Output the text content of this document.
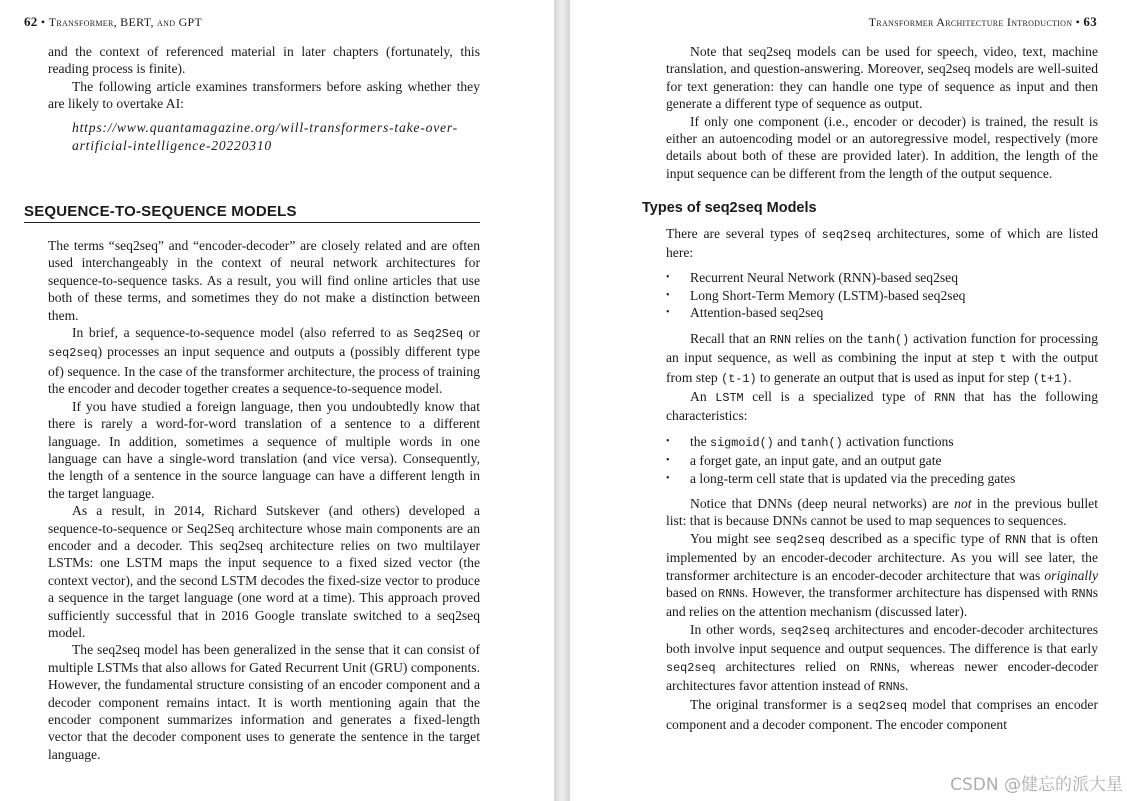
62 • Transformer, BERT, and GPT

and the context of referenced material in later chapters (fortunately, this reading process is finite).

The following article examines transformers before asking whether they are likely to overtake AI:

https://www.quantamagazine.org/will-transformers-take-over-artificial-intelligence-20220310

SEQUENCE-TO-SEQUENCE MODELS

The terms “seq2seq” and “encoder-decoder” are closely related and are often used interchangeably in the context of neural network architectures for sequence-to-sequence tasks. As a result, you will find online articles that use both of these terms, and sometimes they do not make a distinction between them.

In brief, a sequence-to-sequence model (also referred to as Seq2Seq or seq2seq) processes an input sequence and outputs a (possibly different type of) sequence. In the case of the transformer architecture, the process of training the encoder and decoder together creates a sequence-to-sequence model.

If you have studied a foreign language, then you undoubtedly know that there is rarely a word-for-word translation of a sentence to a different language. In addition, sometimes a sequence of multiple words in one language can have a single-word translation (and vice versa). Consequently, the length of a sentence in the source language can have a different length in the target language.

As a result, in 2014, Richard Sutskever (and others) developed a sequence-to-sequence or Seq2Seq architecture whose main components are an encoder and a decoder. This seq2seq architecture relies on two multilayer LSTMs: one LSTM maps the input sequence to a fixed sized vector (the context vector), and the second LSTM decodes the fixed-size vector to produce a sequence in the target language (one word at a time). This approach proved sufficiently successful that in 2016 Google translate switched to a seq2seq model.

The seq2seq model has been generalized in the sense that it can consist of multiple LSTMs that also allows for Gated Recurrent Unit (GRU) components. However, the fundamental structure consisting of an encoder component and a decoder component remains intact. It is worth mentioning again that the encoder component summarizes information and generates a fixed-length vector that the decoder component uses to generate the sentence in the target language.

Transformer Architecture Introduction • 63

Note that seq2seq models can be used for speech, video, text, machine translation, and question-answering. Moreover, seq2seq models are well-suited for text generation: they can handle one type of sequence as input and then generate a different type of sequence as output.

If only one component (i.e., encoder or decoder) is trained, the result is either an autoencoding model or an autoregressive model, respectively (more details about both of these are provided later). In addition, the length of the input sequence can be different from the length of the output sequence.

Types of seq2seq Models

There are several types of seq2seq architectures, some of which are listed here:

• Recurrent Neural Network (RNN)-based seq2seq
• Long Short-Term Memory (LSTM)-based seq2seq
• Attention-based seq2seq

Recall that an RNN relies on the tanh() activation function for processing an input sequence, as well as combining the input at step t with the output from step (t-1) to generate an output that is used as input for step (t+1).

An LSTM cell is a specialized type of RNN that has the following characteristics:

• the sigmoid() and tanh() activation functions
• a forget gate, an input gate, and an output gate
• a long-term cell state that is updated via the preceding gates

Notice that DNNs (deep neural networks) are not in the previous bullet list: that is because DNNs cannot be used to map sequences to sequences.

You might see seq2seq described as a specific type of RNN that is often implemented by an encoder-decoder architecture. As you will see later, the transformer architecture is an encoder-decoder architecture that was originally based on RNNs. However, the transformer architecture has dispensed with RNNs and relies on the attention mechanism (discussed later).

In other words, seq2seq architectures and encoder-decoder architectures both involve input sequence and output sequences. The difference is that early seq2seq architectures relied on RNNs, whereas newer encoder-decoder architectures favor attention instead of RNNs.

The original transformer is a seq2seq model that comprises an encoder component and a decoder component. The encoder component

CSDN @健忘的派大星
